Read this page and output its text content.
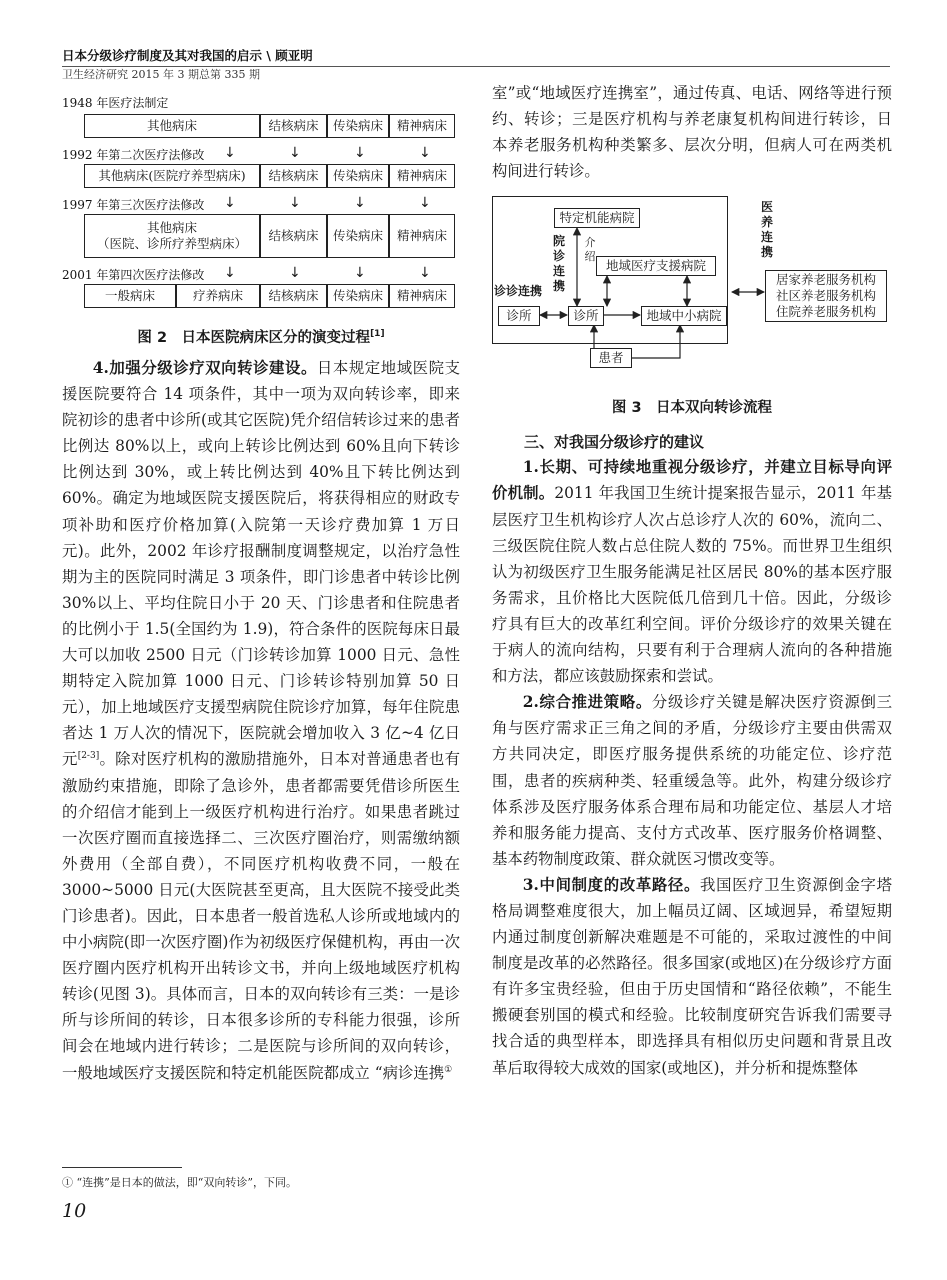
日本分级诊疗制度及其对我国的启示 \ 顾亚明
卫生经济研究 2015 年 3 期总第 335 期
1948 年医疗法制定
其他病床	结核病床	传染病床	精神病床
1992 年第二次医疗法修改 ↓	↓	↓	↓
其他病床(医院疗养型病床)	结核病床	传染病床	精神病床
1997 年第三次医疗法修改 ↓	↓	↓	↓
其他病床
（医院、诊所疗养型病床）
结核病床	传染病床	精神病床
2001 年第四次医疗法修改 ↓	↓	↓	↓
一般病床	疗养病床	结核病床	传染病床	精神病床
图 2　日本医院病床区分的演变过程[1]

4.加强分级诊疗双向转诊建设。日本规定地域医院支援医院要符合 14 项条件，其中一项为双向转诊率，即来院初诊的患者中诊所(或其它医院)凭介绍信转诊过来的患者比例达 80%以上，或向上转诊比例达到 60%且向下转诊比例达到 30%，或上转比例达到 40%且下转比例达到 60%。确定为地域医院支援医院后，将获得相应的财政专项补助和医疗价格加算(入院第一天诊疗费加算 1 万日元)。此外，2002 年诊疗报酬制度调整规定，以治疗急性期为主的医院同时满足 3 项条件，即门诊患者中转诊比例 30%以上、平均住院日小于 20 天、门诊患者和住院患者的比例小于 1.5(全国约为 1.9)，符合条件的医院每床日最大可以加收 2500 日元（门诊转诊加算 1000 日元、急性期特定入院加算 1000 日元、门诊转诊特别加算 50 日元），加上地域医疗支援型病院住院诊疗加算，每年住院患者达 1 万人次的情况下，医院就会增加收入 3 亿~4 亿日元[2-3]。除对医疗机构的激励措施外，日本对普通患者也有激励约束措施，即除了急诊外，患者都需要凭借诊所医生的介绍信才能到上一级医疗机构进行治疗。如果患者跳过一次医疗圈而直接选择二、三次医疗圈治疗，则需缴纳额外费用（全部自费），不同医疗机构收费不同，一般在 3000~5000 日元(大医院甚至更高，且大医院不接受此类门诊患者)。因此，日本患者一般首选私人诊所或地域内的中小病院(即一次医疗圈)作为初级医疗保健机构，再由一次医疗圈内医疗机构开出转诊文书，并向上级地域医疗机构转诊(见图 3)。具体而言，日本的双向转诊有三类：一是诊所与诊所间的转诊，日本很多诊所的专科能力很强，诊所间会在地域内进行转诊；二是医院与诊所间的双向转诊，一般地域医疗支援医院和特定机能医院都成立 “病诊连携①

室”或“地域医疗连携室”，通过传真、电话、网络等进行预约、转诊；三是医疗机构与养老康复机构间进行转诊，日本养老服务机构种类繁多、层次分明，但病人可在两类机构间进行转诊。

特定机能病院
地域医疗支援病院
诊所	诊所	地域中小病院
患者
居家养老服务机构
社区养老服务机构
住院养老服务机构
院诊连携
诊诊连携
医养连携
介绍
图 3　日本双向转诊流程
三、对我国分级诊疗的建议

1.长期、可持续地重视分级诊疗，并建立目标导向评价机制。2011 年我国卫生统计提案报告显示，2011 年基层医疗卫生机构诊疗人次占总诊疗人次的 60%，流向二、三级医院住院人数占总住院人数的 75%。而世界卫生组织认为初级医疗卫生服务能满足社区居民 80%的基本医疗服务需求，且价格比大医院低几倍到几十倍。因此，分级诊疗具有巨大的改革红利空间。评价分级诊疗的效果关键在于病人的流向结构，只要有利于合理病人流向的各种措施和方法，都应该鼓励探索和尝试。

2.综合推进策略。分级诊疗关键是解决医疗资源倒三角与医疗需求正三角之间的矛盾，分级诊疗主要由供需双方共同决定，即医疗服务提供系统的功能定位、诊疗范围，患者的疾病种类、轻重缓急等。此外，构建分级诊疗体系涉及医疗服务体系合理布局和功能定位、基层人才培养和服务能力提高、支付方式改革、医疗服务价格调整、基本药物制度政策、群众就医习惯改变等。

3.中间制度的改革路径。我国医疗卫生资源倒金字塔格局调整难度很大，加上幅员辽阔、区域迥异，希望短期内通过制度创新解决难题是不可能的，采取过渡性的中间制度是改革的必然路径。很多国家(或地区)在分级诊疗方面有许多宝贵经验，但由于历史国情和“路径依赖”，不能生搬硬套别国的模式和经验。比较制度研究告诉我们需要寻找合适的典型样本，即选择具有相似历史问题和背景且改革后取得较大成效的国家(或地区)，并分析和提炼整体

① “连携”是日本的做法，即“双向转诊”，下同。
10
